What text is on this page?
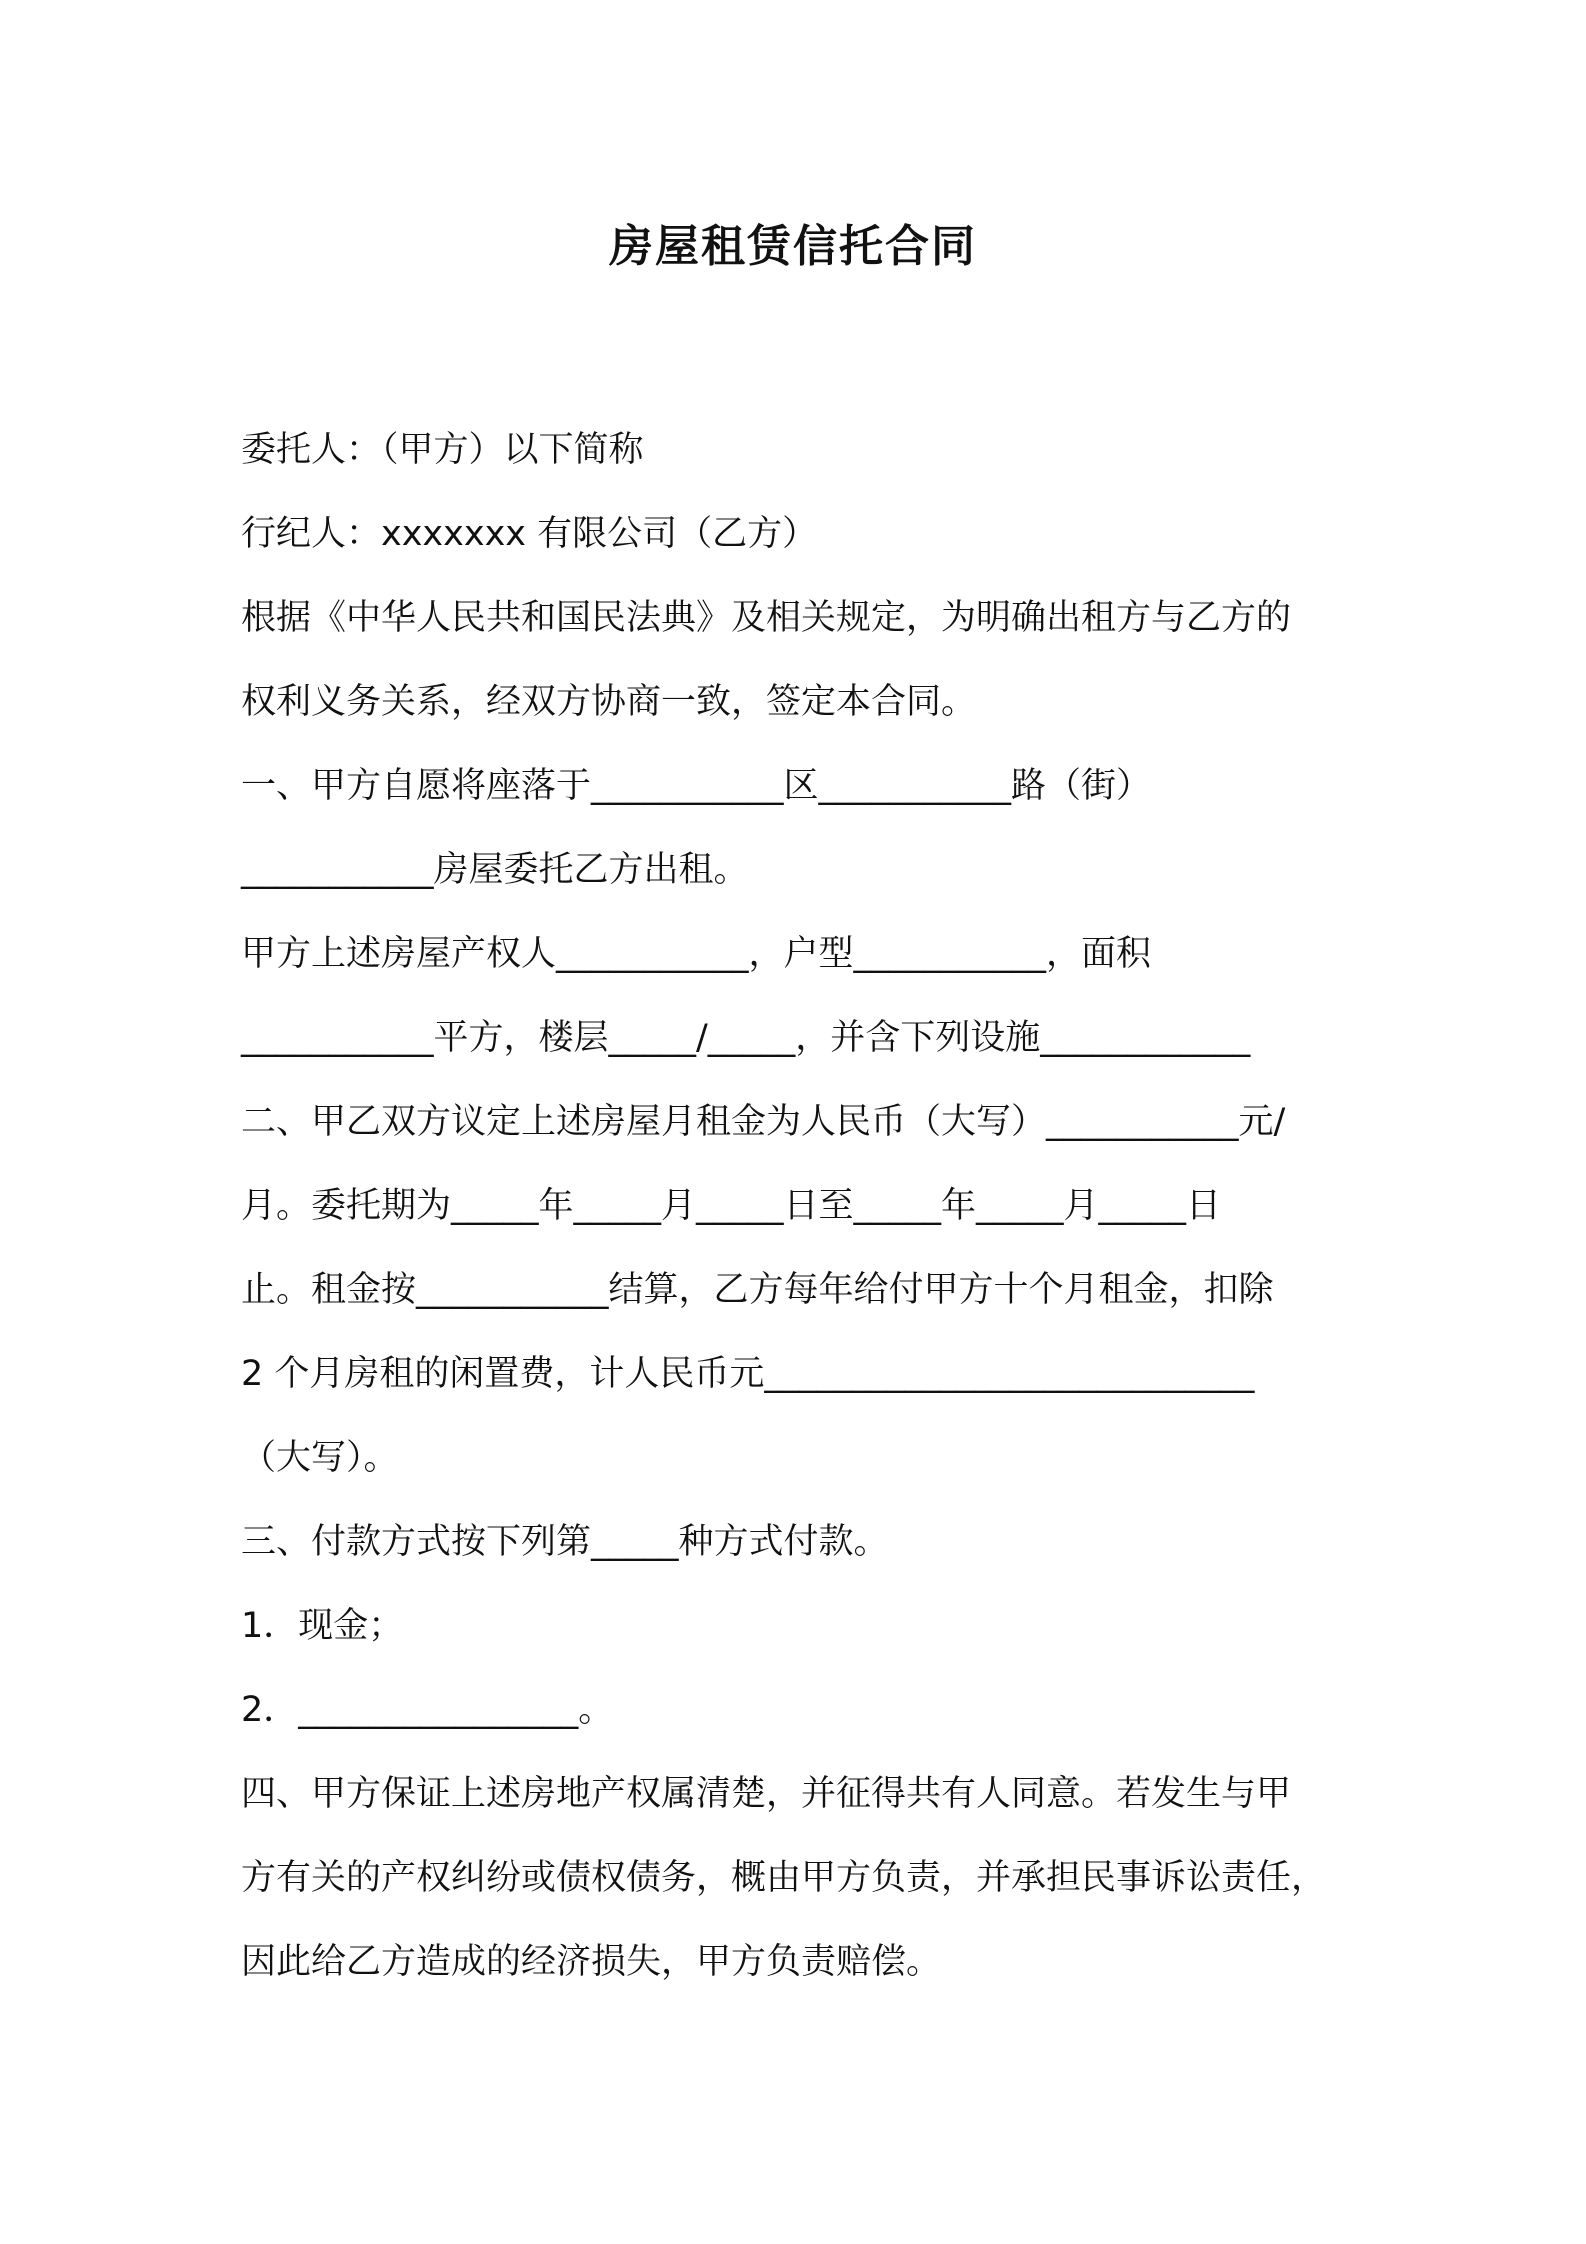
房屋租赁信托合同
委托人：（甲方）以下简称
行纪人：xxxxxxx 有限公司（乙方）
根据《中华人民共和国民法典》及相关规定，为明确出租方与乙方的
权利义务关系，经双方协商一致，签定本合同。
一、甲方自愿将座落于___________区___________路（街）
___________房屋委托乙方出租。
甲方上述房屋产权人___________，户型___________，面积
___________平方，楼层_____/_____，并含下列设施____________
二、甲乙双方议定上述房屋月租金为人民币（大写）___________元/
月。委托期为_____年_____月_____日至_____年_____月_____日
止。租金按___________结算，乙方每年给付甲方十个月租金，扣除
2 个月房租的闲置费，计人民币元____________________________
（大写）。
三、付款方式按下列第_____种方式付款。
1．现金；
2．________________。
四、甲方保证上述房地产权属清楚，并征得共有人同意。若发生与甲
方有关的产权纠纷或债权债务，概由甲方负责，并承担民事诉讼责任，
因此给乙方造成的经济损失，甲方负责赔偿。
